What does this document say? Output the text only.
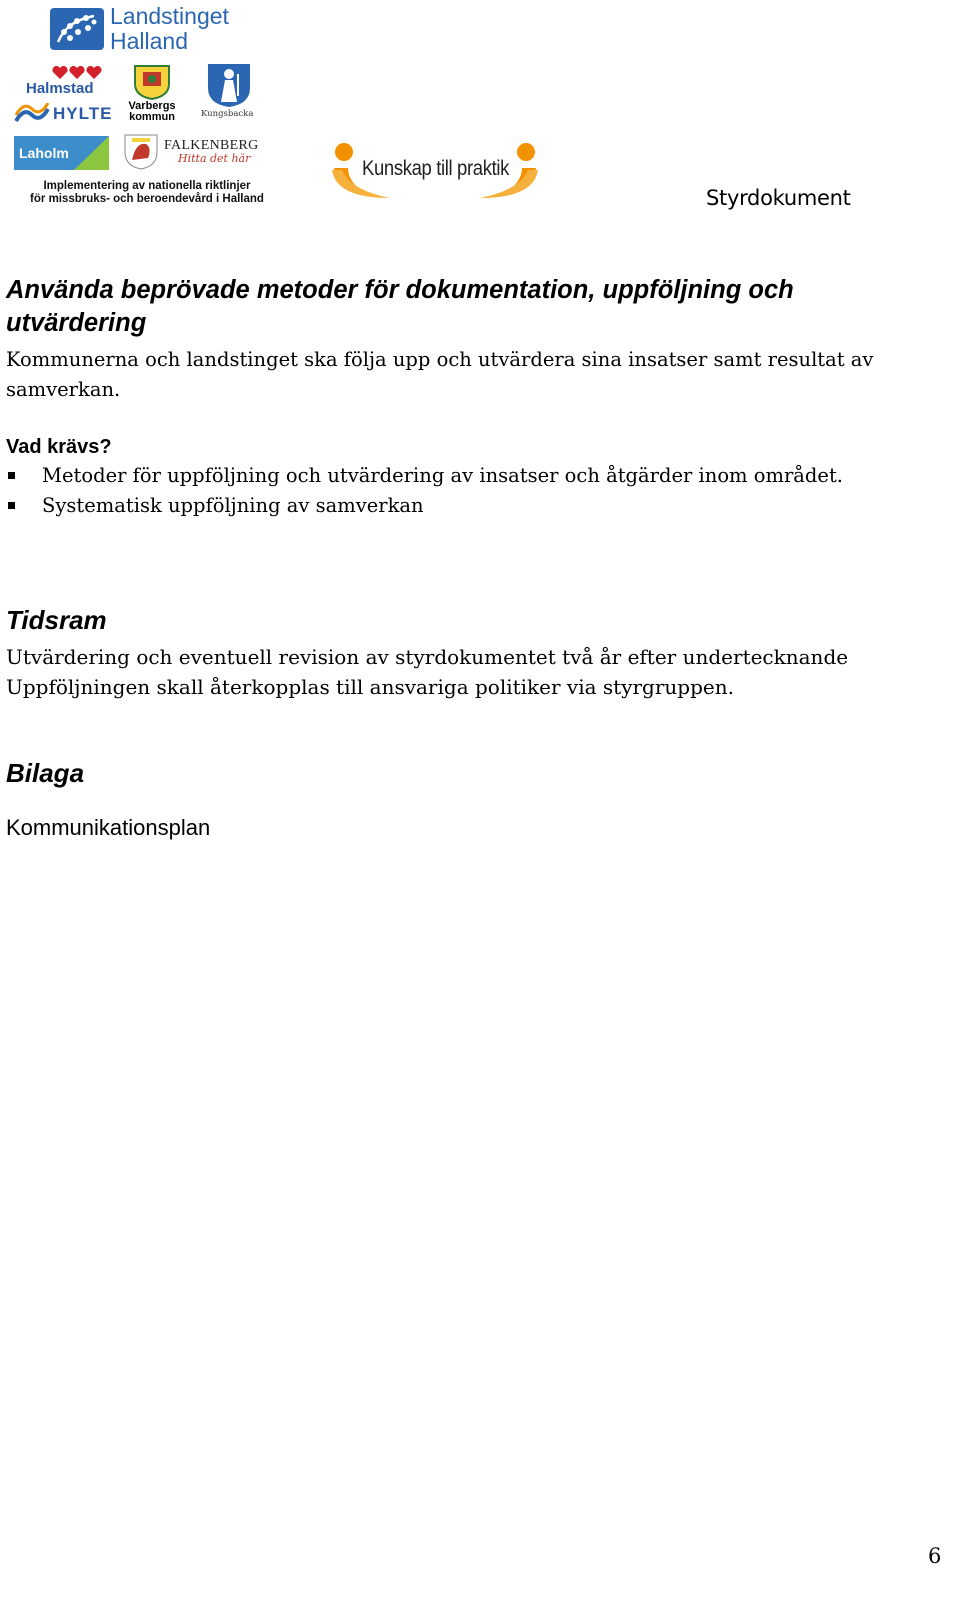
Landstinget
Halland
Halmstad
HYLTE	Varbergs
kommun	Kungsbacka
Laholm	FALKENBERG
Hitta det här
Implementering av nationella riktlinjer
för missbruks- och beroendevård i Halland
Kunskap till praktik
Styrdokument
Använda beprövade metoder för dokumentation, uppföljning och utvärdering
Kommunerna och landstinget ska följa upp och utvärdera sina insatser samt resultat av samverkan.
Vad krävs?
Metoder för uppföljning och utvärdering av insatser och åtgärder inom området.
Systematisk uppföljning av samverkan
Tidsram
Utvärdering och eventuell revision av styrdokumentet två år efter undertecknande
Uppföljningen skall återkopplas till ansvariga politiker via styrgruppen.
Bilaga
Kommunikationsplan
6
